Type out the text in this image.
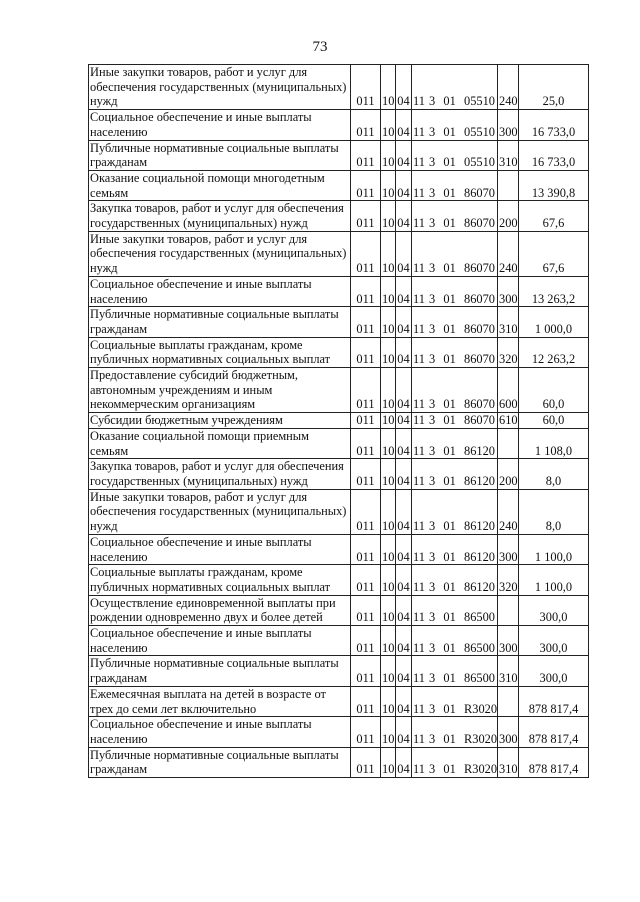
73
Иные закупки товаров, работ и услуг для обеспечения государственных (муниципальных) нужд	011	10	04	11 3  01  05510	240	25,0
Социальное обеспечение и иные выплаты населению	011	10	04	11 3  01  05510	300	16 733,0
Публичные нормативные социальные выплаты гражданам	011	10	04	11 3  01  05510	310	16 733,0
Оказание социальной помощи многодетным семьям	011	10	04	11 3  01  86070		13 390,8
Закупка товаров, работ и услуг для обеспечения государственных (муниципальных) нужд	011	10	04	11 3  01  86070	200	67,6
Иные закупки товаров, работ и услуг для обеспечения государственных (муниципальных) нужд	011	10	04	11 3  01  86070	240	67,6
Социальное обеспечение и иные выплаты населению	011	10	04	11 3  01  86070	300	13 263,2
Публичные нормативные социальные выплаты гражданам	011	10	04	11 3  01  86070	310	1 000,0
Социальные выплаты гражданам, кроме публичных нормативных социальных выплат	011	10	04	11 3  01  86070	320	12 263,2
Предоставление субсидий бюджетным, автономным учреждениям и иным некоммерческим организациям	011	10	04	11 3  01  86070	600	60,0
Субсидии бюджетным учреждениям	011	10	04	11 3  01  86070	610	60,0
Оказание социальной помощи приемным семьям	011	10	04	11 3  01  86120		1 108,0
Закупка товаров, работ и услуг для обеспечения государственных (муниципальных) нужд	011	10	04	11 3  01  86120	200	8,0
Иные закупки товаров, работ и услуг для обеспечения государственных (муниципальных) нужд	011	10	04	11 3  01  86120	240	8,0
Социальное обеспечение и иные выплаты населению	011	10	04	11 3  01  86120	300	1 100,0
Социальные выплаты гражданам, кроме публичных нормативных социальных выплат	011	10	04	11 3  01  86120	320	1 100,0
Осуществление единовременной выплаты при рождении одновременно двух и более детей	011	10	04	11 3  01  86500		300,0
Социальное обеспечение и иные выплаты населению	011	10	04	11 3  01  86500	300	300,0
Публичные нормативные социальные выплаты гражданам	011	10	04	11 3  01  86500	310	300,0
Ежемесячная выплата на детей в возрасте от трех до семи лет включительно	011	10	04	11 3  01  R3020		878 817,4
Социальное обеспечение и иные выплаты населению	011	10	04	11 3  01  R3020	300	878 817,4
Публичные нормативные социальные выплаты гражданам	011	10	04	11 3  01  R3020	310	878 817,4
